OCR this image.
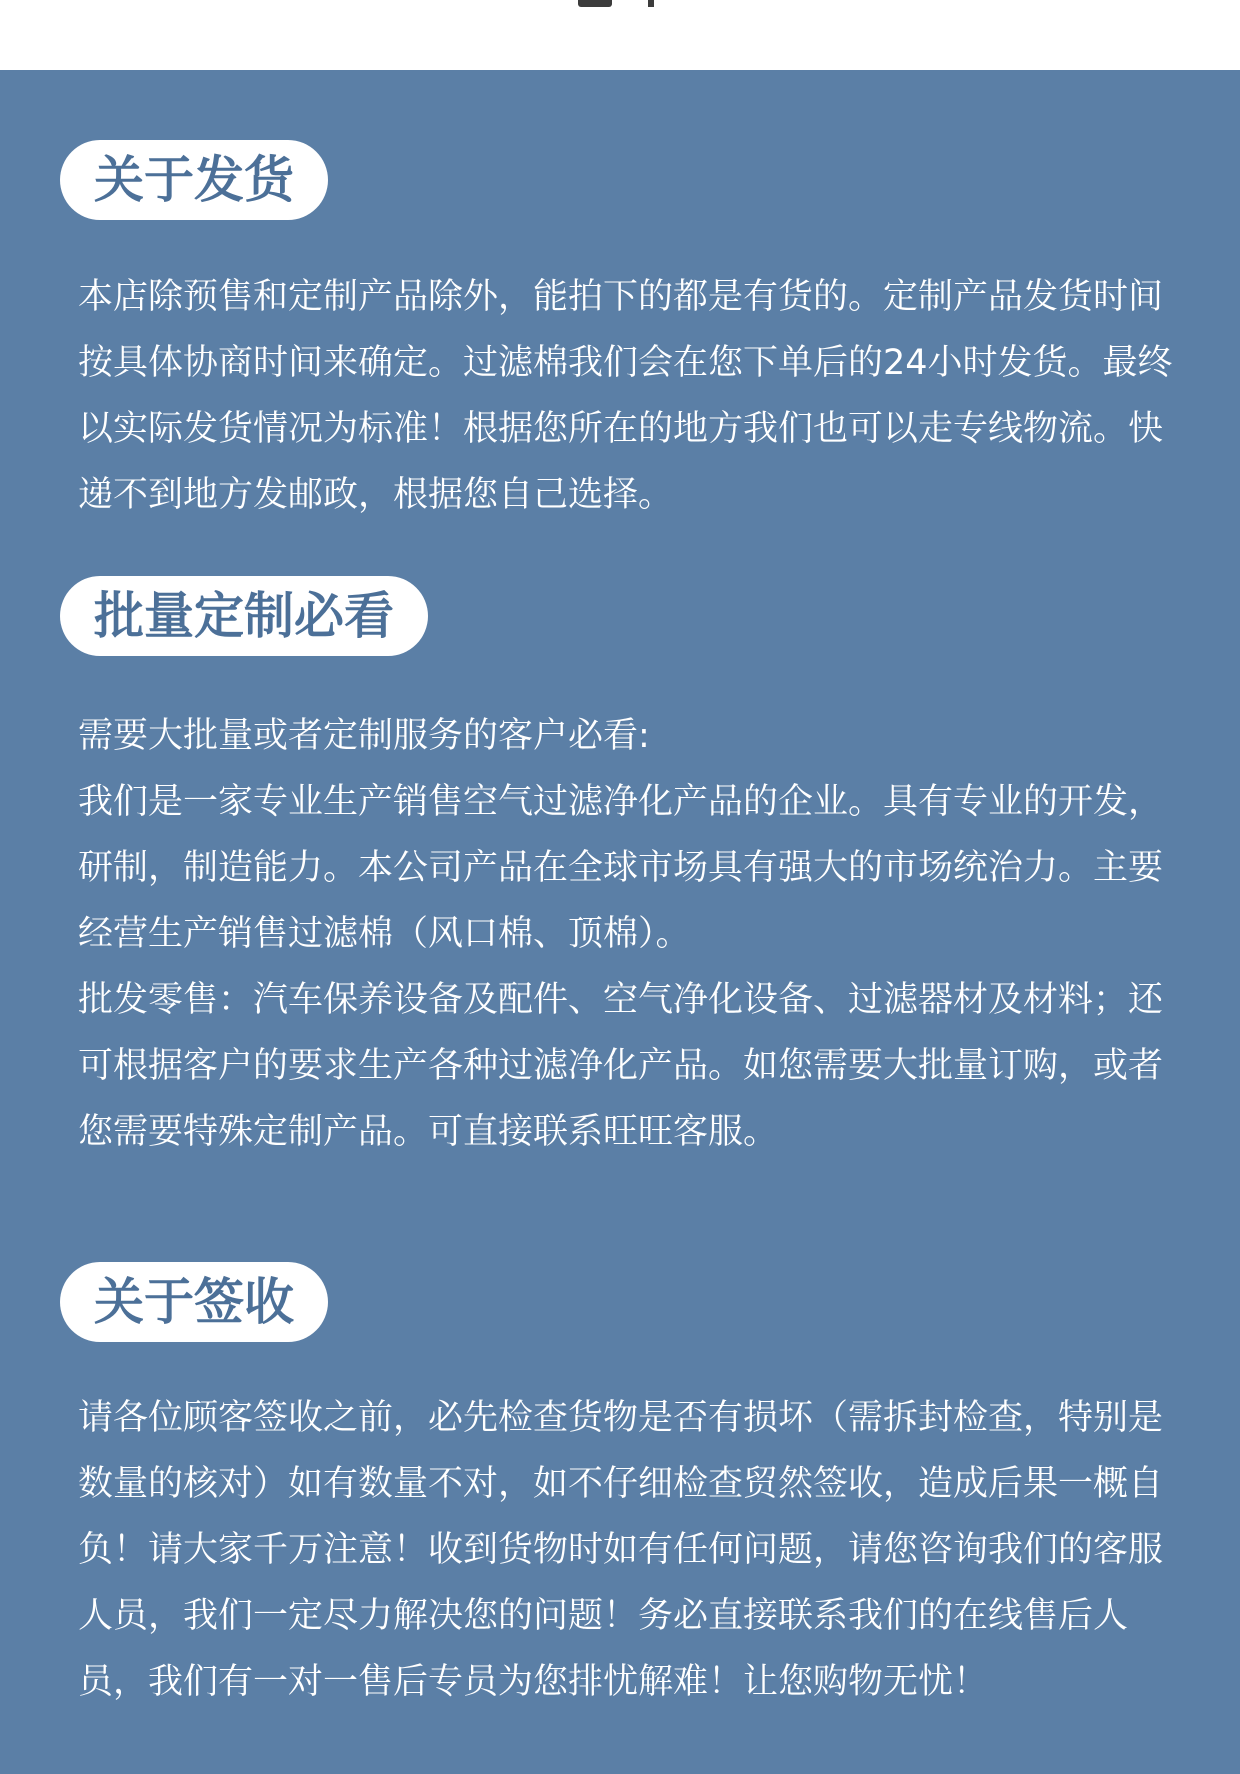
关于发货

本店除预售和定制产品除外，能拍下的都是有货的。定制产品发货时间按具体协商时间来确定。过滤棉我们会在您下单后的24小时发货。最终以实际发货情况为标准！根据您所在的地方我们也可以走专线物流。快递不到地方发邮政，根据您自己选择。

批量定制必看

需要大批量或者定制服务的客户必看:

我们是一家专业生产销售空气过滤净化产品的企业。具有专业的开发，研制，制造能力。本公司产品在全球市场具有强大的市场统治力。主要经营生产销售过滤棉（风口棉、顶棉）。

批发零售：汽车保养设备及配件、空气净化设备、过滤器材及材料；还可根据客户的要求生产各种过滤净化产品。如您需要大批量订购，或者您需要特殊定制产品。可直接联系旺旺客服。

关于签收

请各位顾客签收之前，必先检查货物是否有损坏（需拆封检查，特别是数量的核对）如有数量不对，如不仔细检查贸然签收，造成后果一概自负！请大家千万注意！收到货物时如有任何问题，请您咨询我们的客服人员，我们一定尽力解决您的问题！务必直接联系我们的在线售后人员，我们有一对一售后专员为您排忧解难！让您购物无忧！
